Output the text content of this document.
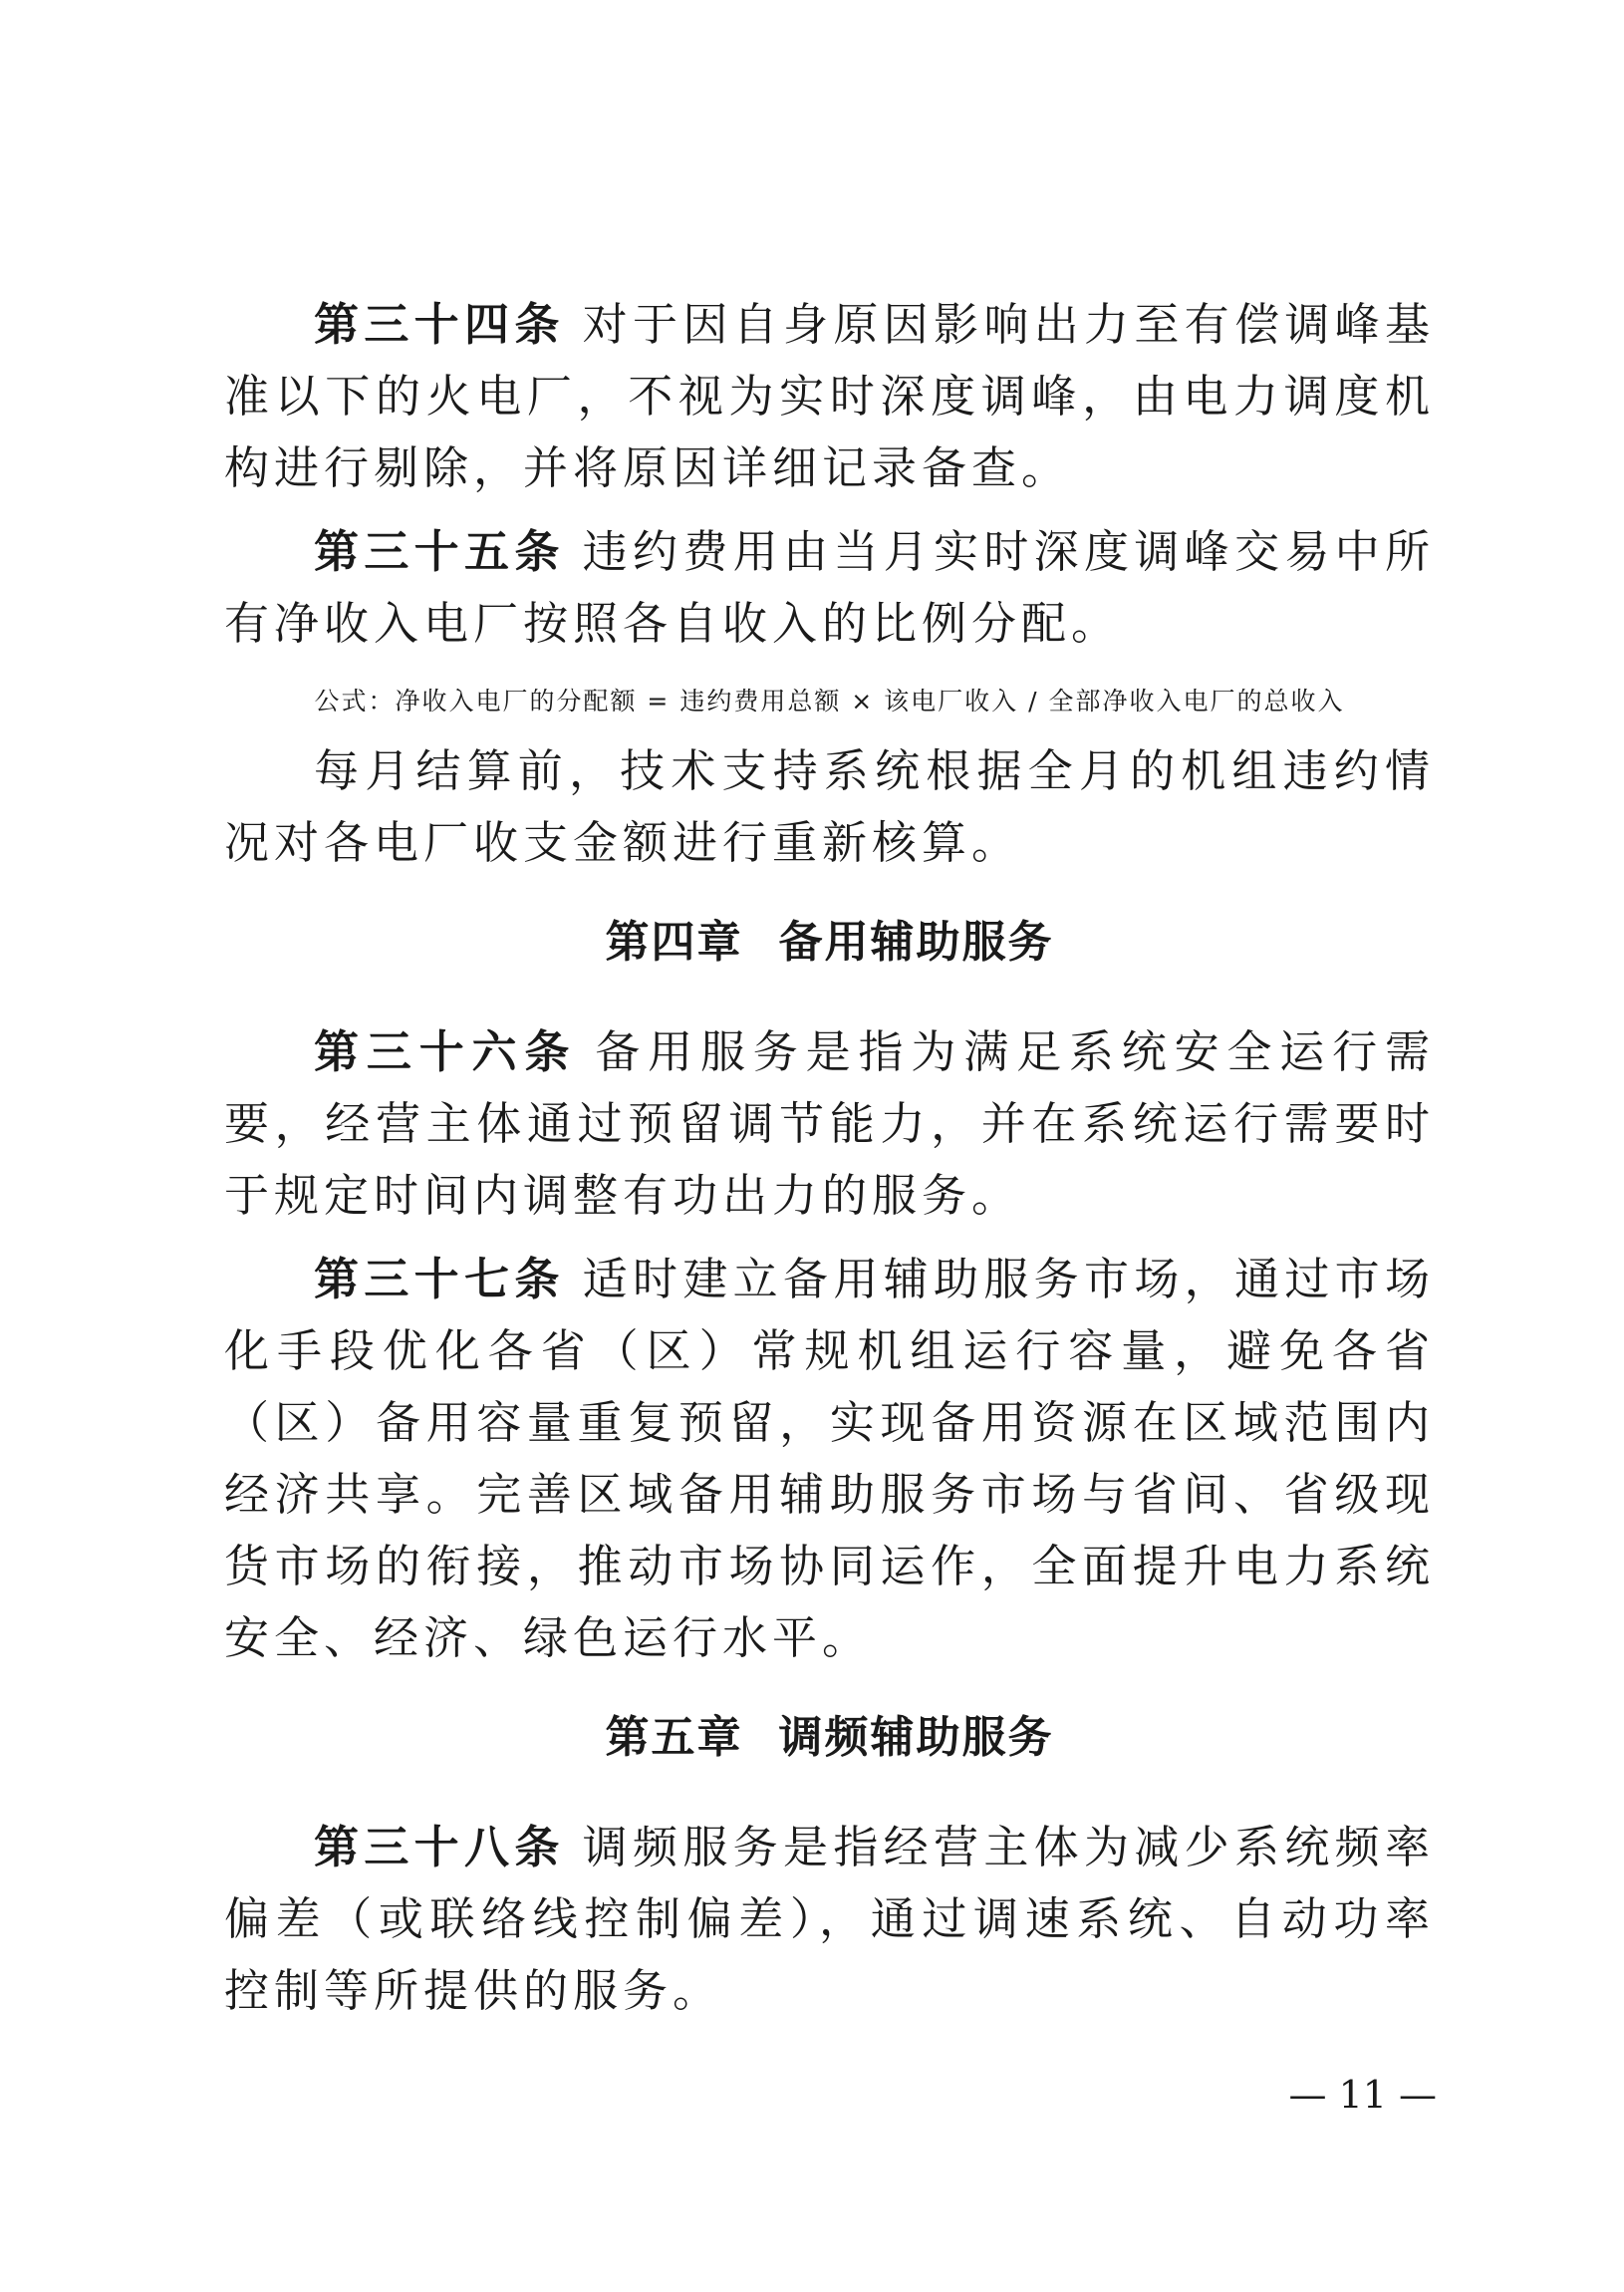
第三十四条 对于因自身原因影响出力至有偿调峰基准以下的火电厂，不视为实时深度调峰，由电力调度机构进行剔除，并将原因详细记录备查。

第三十五条 违约费用由当月实时深度调峰交易中所有净收入电厂按照各自收入的比例分配。

公式：净收入电厂的分配额 = 违约费用总额 × 该电厂收入 / 全部净收入电厂的总收入

每月结算前，技术支持系统根据全月的机组违约情况对各电厂收支金额进行重新核算。

第四章 备用辅助服务

第三十六条 备用服务是指为满足系统安全运行需要，经营主体通过预留调节能力，并在系统运行需要时于规定时间内调整有功出力的服务。

第三十七条 适时建立备用辅助服务市场，通过市场化手段优化各省（区）常规机组运行容量，避免各省（区）备用容量重复预留，实现备用资源在区域范围内经济共享。完善区域备用辅助服务市场与省间、省级现货市场的衔接，推动市场协同运作，全面提升电力系统安全、经济、绿色运行水平。

第五章 调频辅助服务

第三十八条 调频服务是指经营主体为减少系统频率偏差（或联络线控制偏差），通过调速系统、自动功率控制等所提供的服务。

— 11 —
